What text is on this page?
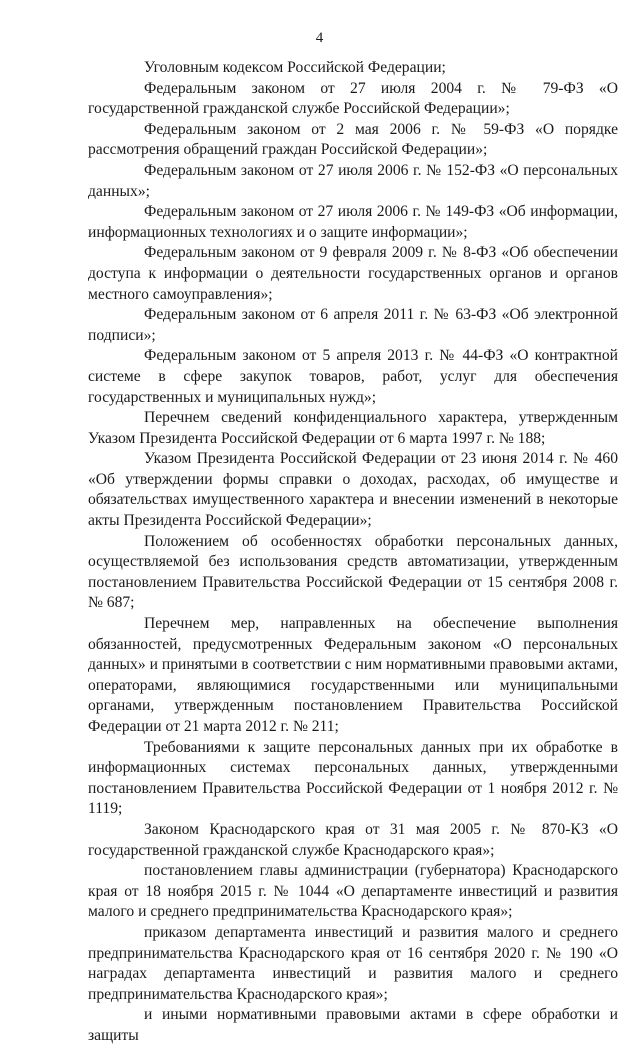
4

Уголовным кодексом Российской Федерации;

Федеральным законом от 27 июля 2004 г. № 79-ФЗ «О государственной гражданской службе Российской Федерации»;

Федеральным законом от 2 мая 2006 г. № 59-ФЗ «О порядке рассмотрения обращений граждан Российской Федерации»;

Федеральным законом от 27 июля 2006 г. № 152-ФЗ «О персональных данных»;

Федеральным законом от 27 июля 2006 г. № 149-ФЗ «Об информации, информационных технологиях и о защите информации»;

Федеральным законом от 9 февраля 2009 г. № 8-ФЗ «Об обеспечении доступа к информации о деятельности государственных органов и органов местного самоуправления»;

Федеральным законом от 6 апреля 2011 г. № 63-ФЗ «Об электронной подписи»;

Федеральным законом от 5 апреля 2013 г. № 44-ФЗ «О контрактной системе в сфере закупок товаров, работ, услуг для обеспечения государственных и муниципальных нужд»;

Перечнем сведений конфиденциального характера, утвержденным Указом Президента Российской Федерации от 6 марта 1997 г. № 188;

Указом Президента Российской Федерации от 23 июня 2014 г. № 460 «Об утверждении формы справки о доходах, расходах, об имуществе и обязательствах имущественного характера и внесении изменений в некоторые акты Президента Российской Федерации»;

Положением об особенностях обработки персональных данных, осуществляемой без использования средств автоматизации, утвержденным постановлением Правительства Российской Федерации от 15 сентября 2008 г. № 687;

Перечнем мер, направленных на обеспечение выполнения обязанностей, предусмотренных Федеральным законом «О персональных данных» и принятыми в соответствии с ним нормативными правовыми актами, операторами, являющимися государственными или муниципальными органами, утвержденным постановлением Правительства Российской Федерации от 21 марта 2012 г. № 211;

Требованиями к защите персональных данных при их обработке в информационных системах персональных данных, утвержденными постановлением Правительства Российской Федерации от 1 ноября 2012 г. № 1119;

Законом Краснодарского края от 31 мая 2005 г. № 870-КЗ «О государственной гражданской службе Краснодарского края»;

постановлением главы администрации (губернатора) Краснодарского края от 18 ноября 2015 г. № 1044 «О департаменте инвестиций и развития малого и среднего предпринимательства Краснодарского края»;

приказом департамента инвестиций и развития малого и среднего предпринимательства Краснодарского края от 16 сентября 2020 г. № 190 «О наградах департамента инвестиций и развития малого и среднего предпринимательства Краснодарского края»;

и иными нормативными правовыми актами в сфере обработки и защиты
